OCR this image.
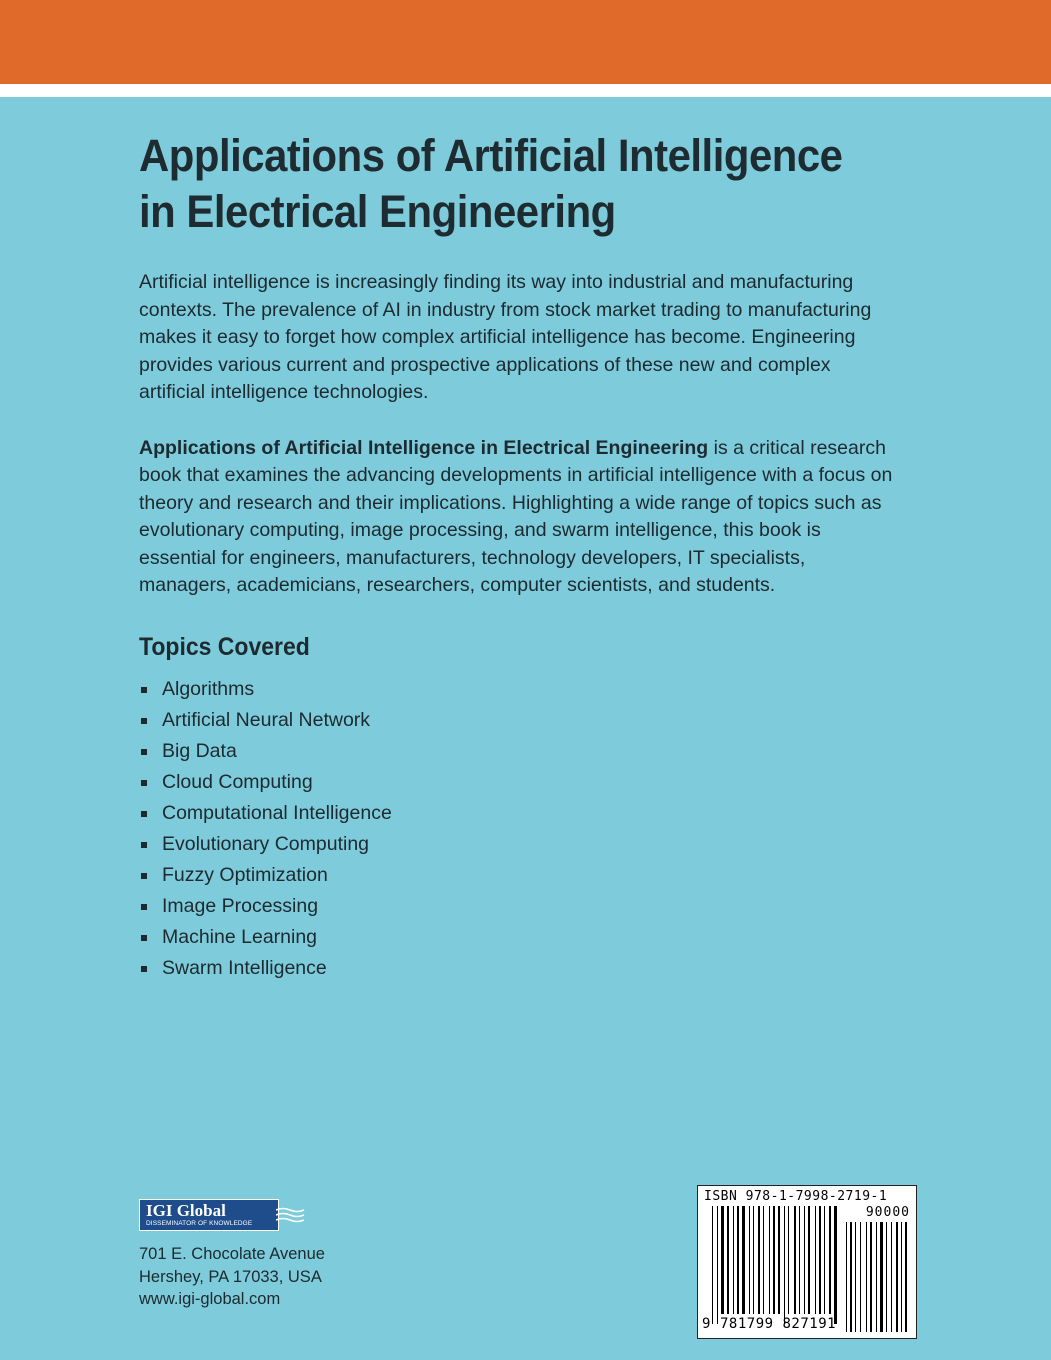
Applications of Artificial Intelligence
in Electrical Engineering

Artificial intelligence is increasingly finding its way into industrial and manufacturing contexts. The prevalence of AI in industry from stock market trading to manufacturing makes it easy to forget how complex artificial intelligence has become. Engineering provides various current and prospective applications of these new and complex artificial intelligence technologies.

Applications of Artificial Intelligence in Electrical Engineering is a critical research book that examines the advancing developments in artificial intelligence with a focus on theory and research and their implications. Highlighting a wide range of topics such as evolutionary computing, image processing, and swarm intelligence, this book is essential for engineers, manufacturers, technology developers, IT specialists, managers, academicians, researchers, computer scientists, and students.

Topics Covered
Algorithms
Artificial Neural Network
Big Data
Cloud Computing
Computational Intelligence
Evolutionary Computing
Fuzzy Optimization
Image Processing
Machine Learning
Swarm Intelligence
IGI Global
DISSEMINATOR OF KNOWLEDGE
701 E. Chocolate Avenue
Hershey, PA 17033, USA
www.igi-global.com
ISBN 978-1-7998-2719-1
90000
9 781799 827191
